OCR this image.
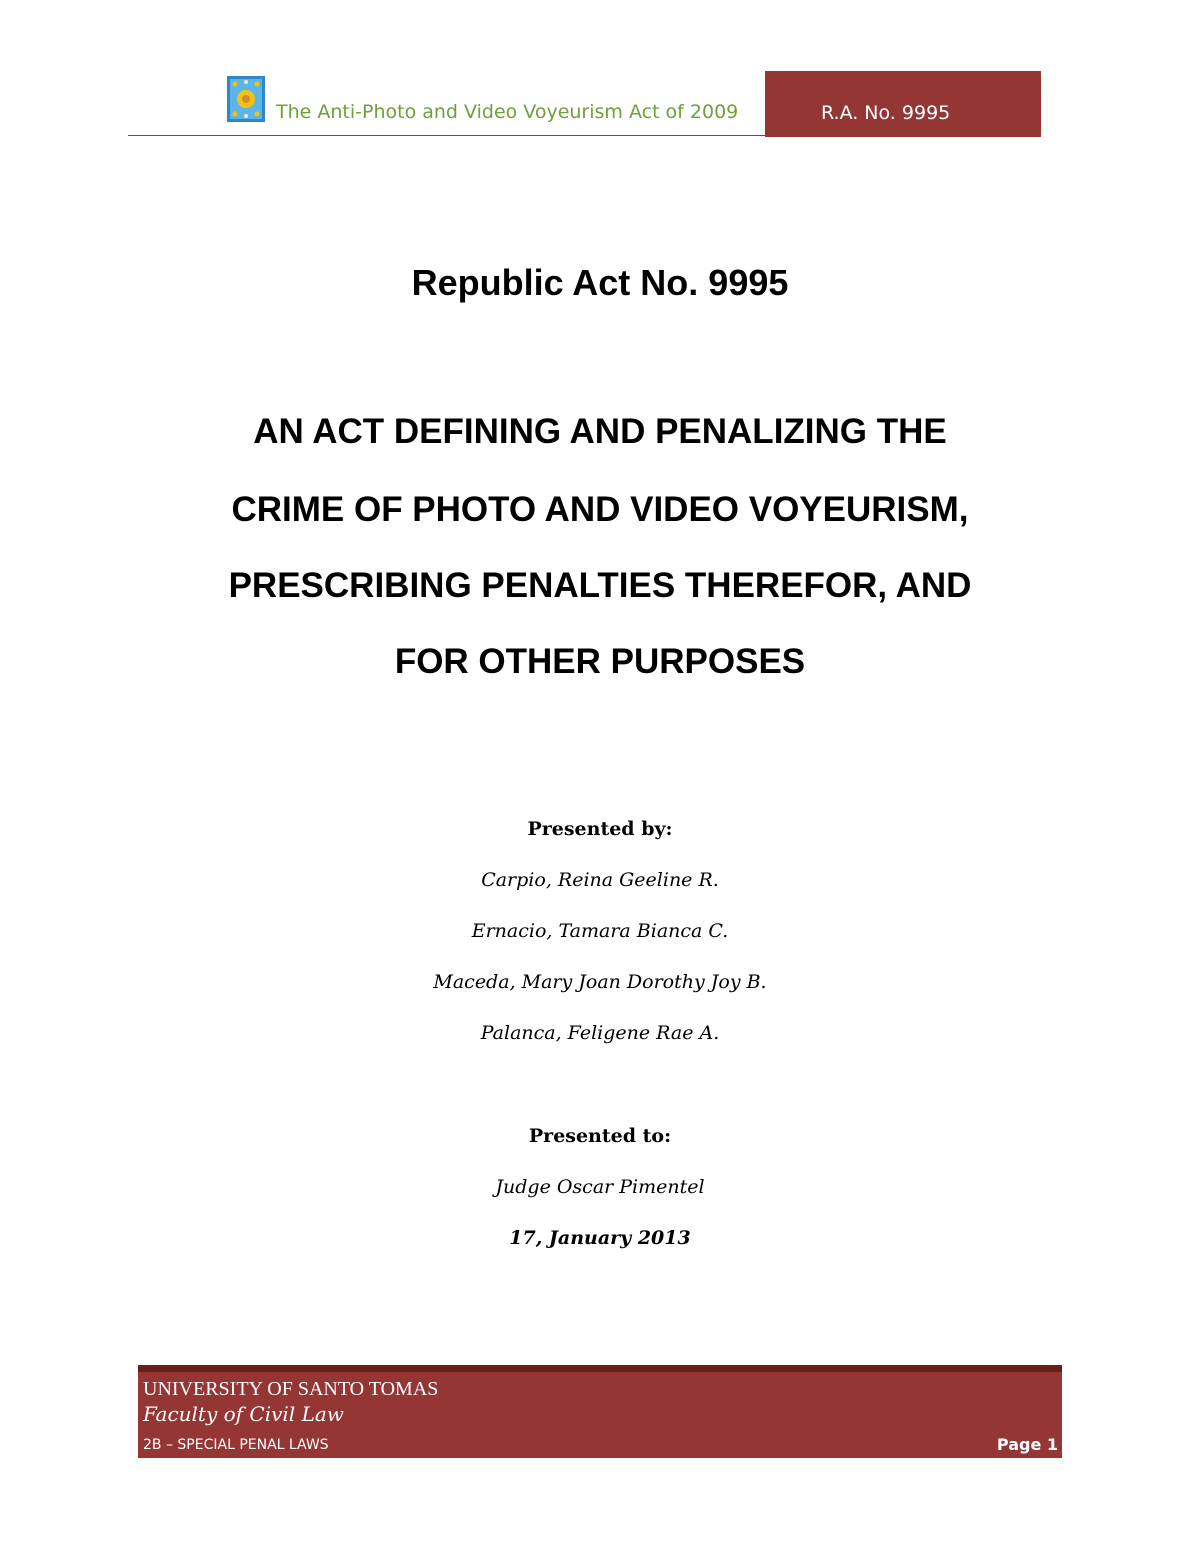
The Anti-Photo and Video Voyeurism Act of 2009	R.A. No. 9995
Republic Act No. 9995
AN ACT DEFINING AND PENALIZING THE
CRIME OF PHOTO AND VIDEO VOYEURISM,
PRESCRIBING PENALTIES THEREFOR, AND
FOR OTHER PURPOSES
Presented by:
Carpio, Reina Geeline R.
Ernacio, Tamara Bianca C.
Maceda, Mary Joan Dorothy Joy B.
Palanca, Feligene Rae A.
Presented to:
Judge Oscar Pimentel
17, January 2013
UNIVERSITY OF SANTO TOMAS
Faculty of Civil Law
2B – SPECIAL PENAL LAWS	Page 1
